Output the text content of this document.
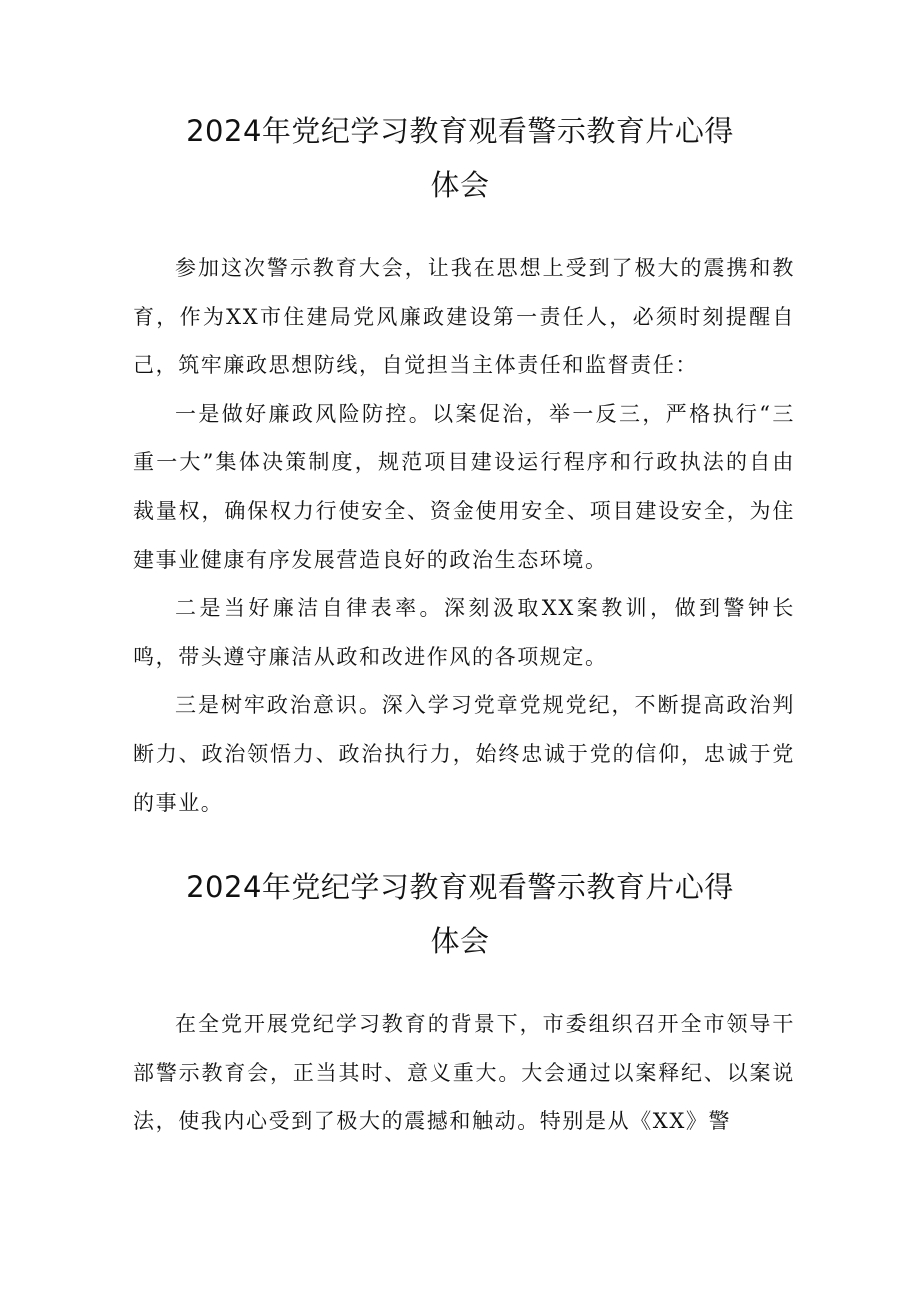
2024年党纪学习教育观看警示教育片心得
体会

参加这次警示教育大会，让我在思想上受到了极大的震携和教育，作为XX市住建局党风廉政建设第一责任人，必须时刻提醒自己，筑牢廉政思想防线，自觉担当主体责任和监督责任：

一是做好廉政风险防控。以案促治，举一反三，严格执行“三重一大”集体决策制度，规范项目建设运行程序和行政执法的自由裁量权，确保权力行使安全、资金使用安全、项目建设安全，为住建事业健康有序发展营造良好的政治生态环境。

二是当好廉洁自律表率。深刻汲取XX案教训，做到警钟长鸣，带头遵守廉洁从政和改进作风的各项规定。

三是树牢政治意识。深入学习党章党规党纪，不断提高政治判断力、政治领悟力、政治执行力，始终忠诚于党的信仰，忠诚于党的事业。

2024年党纪学习教育观看警示教育片心得
体会

在全党开展党纪学习教育的背景下，市委组织召开全市领导干部警示教育会，正当其时、意义重大。大会通过以案释纪、以案说法，使我内心受到了极大的震撼和触动。特别是从《XX》警
